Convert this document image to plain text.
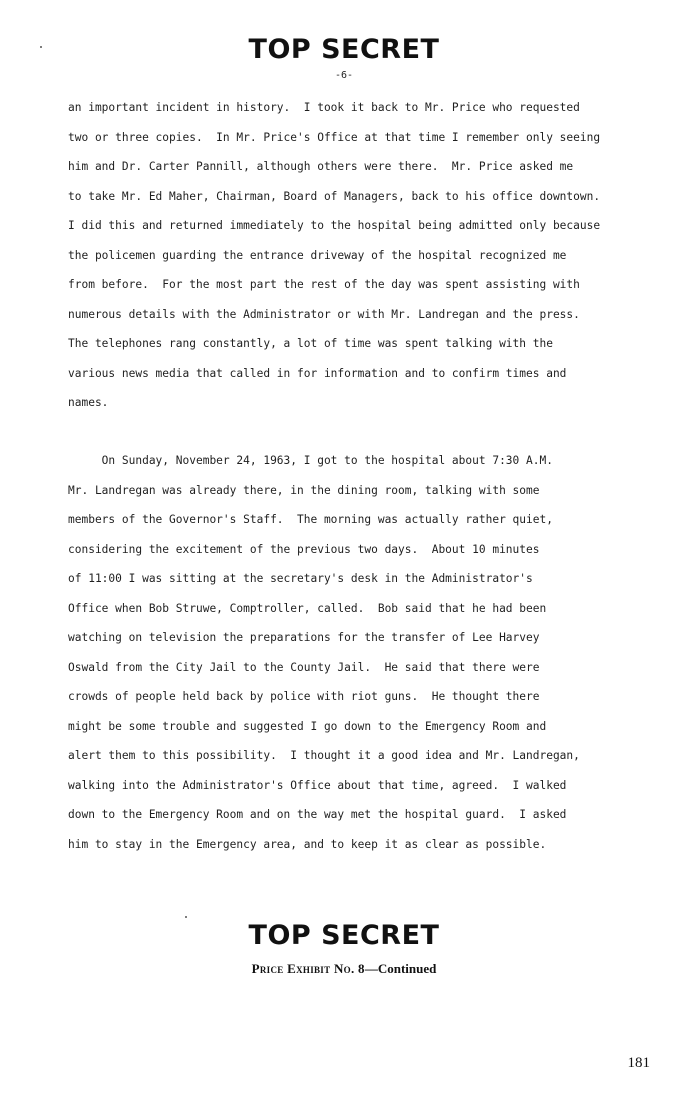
TOP SECRET
-6-
an important incident in history.  I took it back to Mr. Price who requested
two or three copies.  In Mr. Price's Office at that time I remember only seeing
him and Dr. Carter Pannill, although others were there.  Mr. Price asked me
to take Mr. Ed Maher, Chairman, Board of Managers, back to his office downtown.
I did this and returned immediately to the hospital being admitted only because
the policemen guarding the entrance driveway of the hospital recognized me
from before.  For the most part the rest of the day was spent assisting with
numerous details with the Administrator or with Mr. Landregan and the press.
The telephones rang constantly, a lot of time was spent talking with the
various news media that called in for information and to confirm times and
names.
On Sunday, November 24, 1963, I got to the hospital about 7:30 A.M.
Mr. Landregan was already there, in the dining room, talking with some
members of the Governor's Staff.  The morning was actually rather quiet,
considering the excitement of the previous two days.  About 10 minutes
of 11:00 I was sitting at the secretary's desk in the Administrator's
Office when Bob Struwe, Comptroller, called.  Bob said that he had been
watching on television the preparations for the transfer of Lee Harvey
Oswald from the City Jail to the County Jail.  He said that there were
crowds of people held back by police with riot guns.  He thought there
might be some trouble and suggested I go down to the Emergency Room and
alert them to this possibility.  I thought it a good idea and Mr. Landregan,
walking into the Administrator's Office about that time, agreed.  I walked
down to the Emergency Room and on the way met the hospital guard.  I asked
him to stay in the Emergency area, and to keep it as clear as possible.
TOP SECRET
Price Exhibit No. 8—Continued
181
